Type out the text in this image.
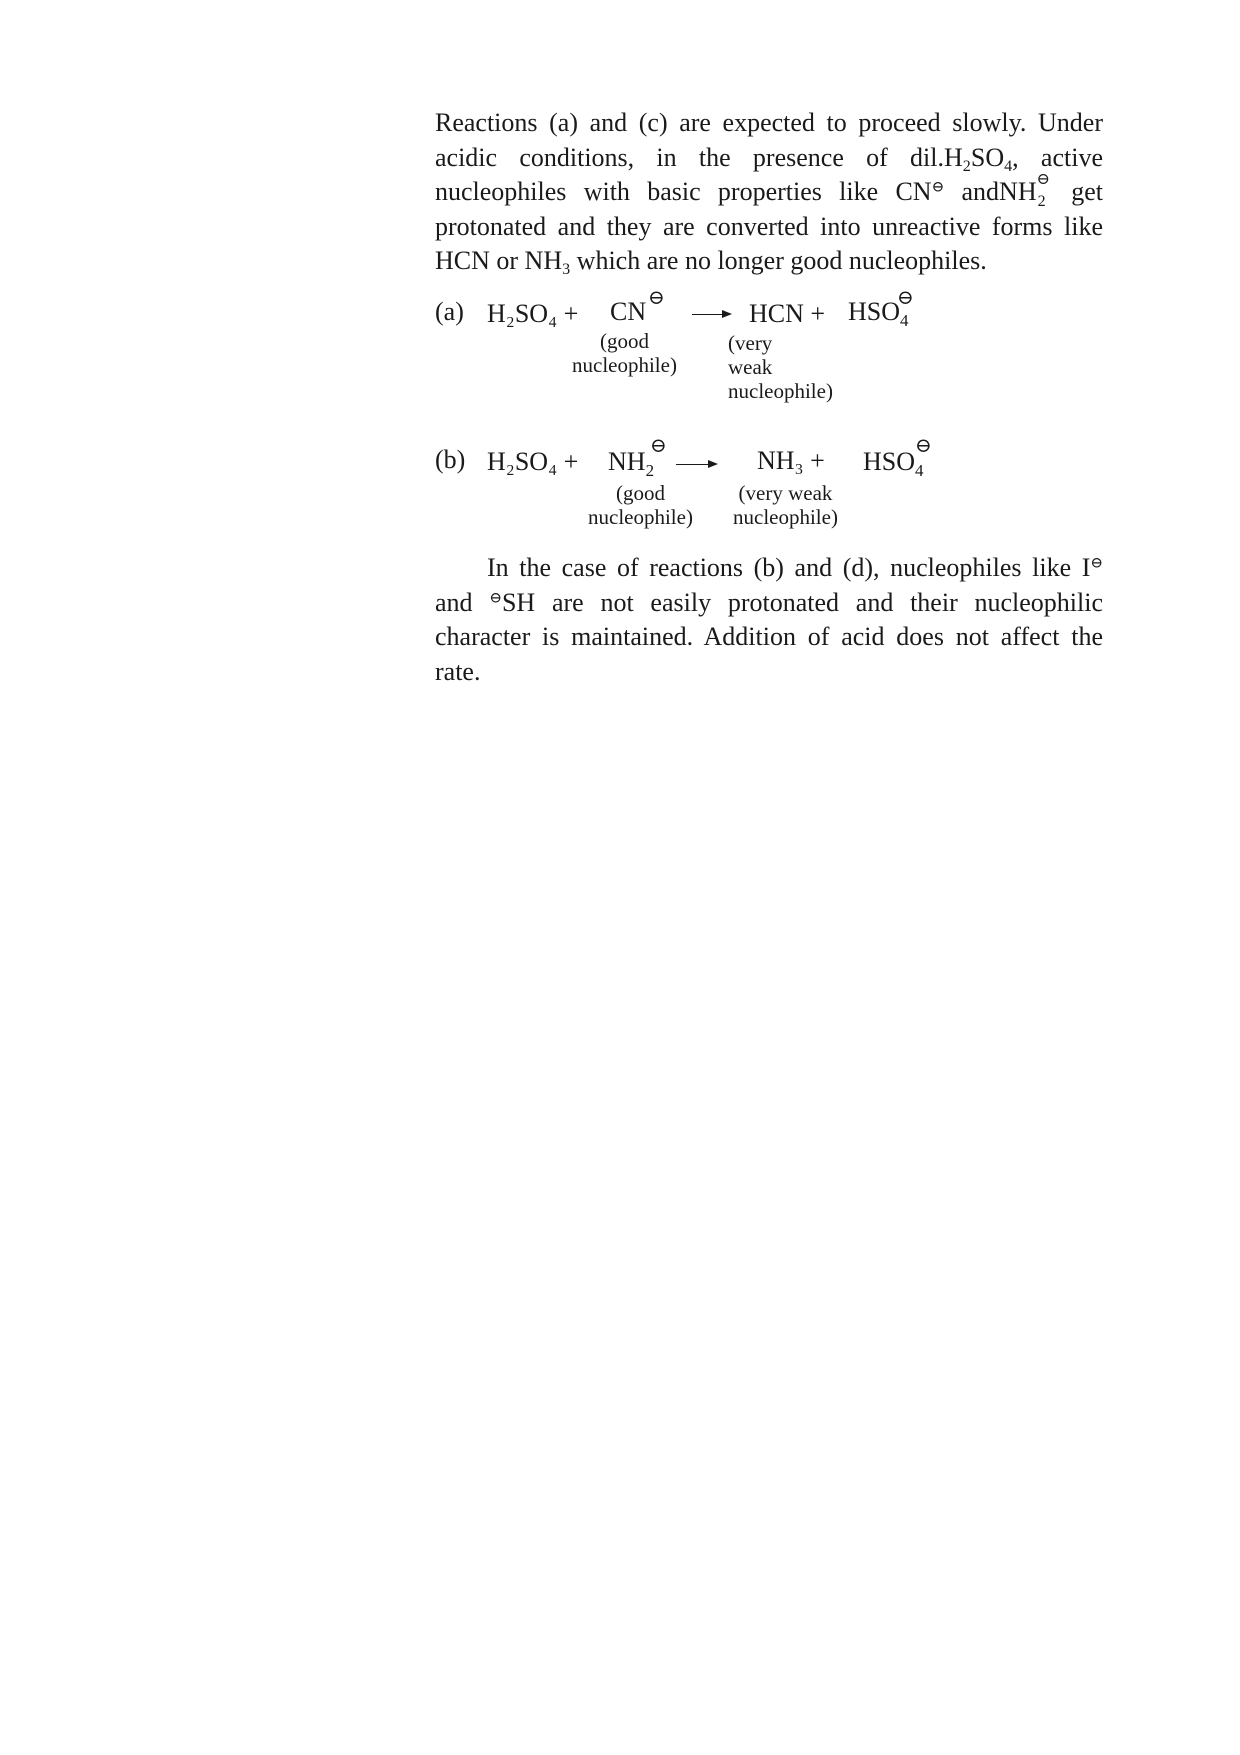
Reactions (a) and (c) are expected to proceed slowly. Under acidic conditions, in the presence of $dil.H_2SO_4$, active nucleophiles with basic properties like CN⊖ andNH ⊖
2 get protonated and they are converted into unreactive forms like HCN or $NH_3$ which are no longer good nucleophiles.

(a) H₂SO₄ + CN ⊖
→ HCN + $HSO_4$
⊖
(good
nucleophile)
(very
weak
nucleophile)
(b) $H_2SO_4 + NH_2$
⊖	$NH_3 + HSO_4$
⊖
(good
nucleophile)
(very weak
nucleophile)

In the case of reactions (b) and (d), nucleophiles like I⊖ and ⊖SH are not easily protonated and their nucleophilic character is maintained. Addition of acid does not affect the rate.
